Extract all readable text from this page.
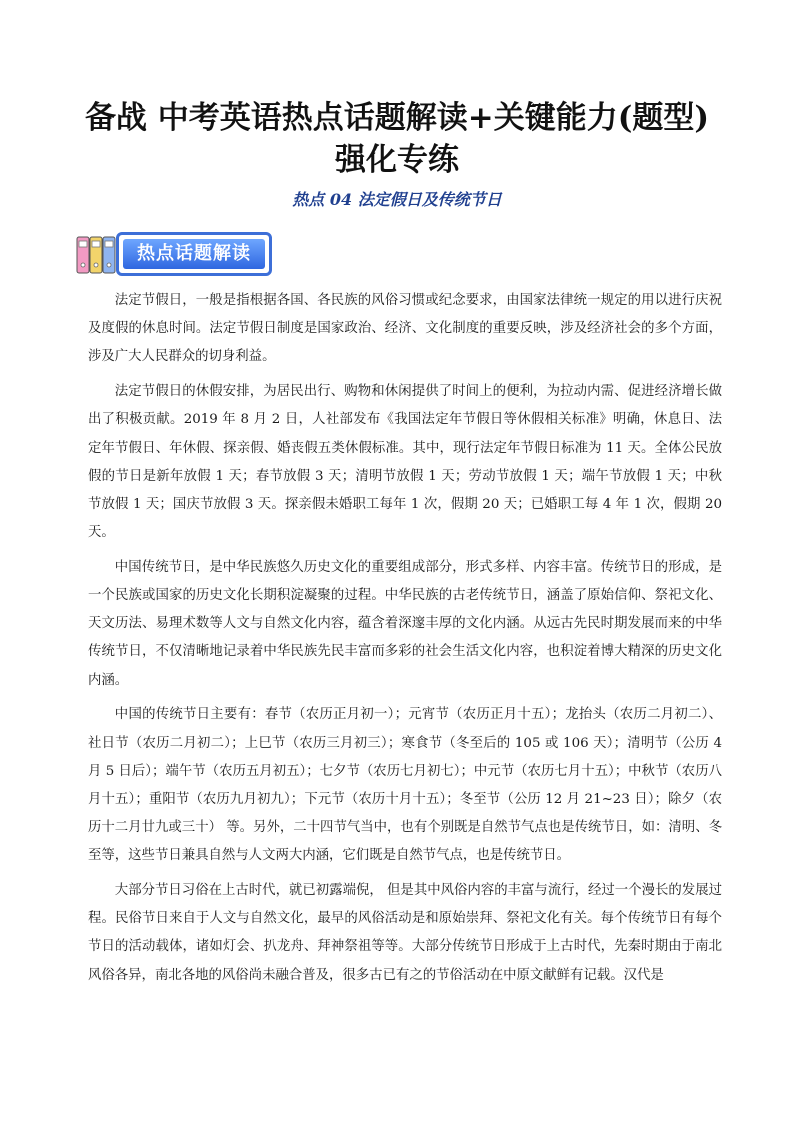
备战 中考英语热点话题解读+关键能力(题型)
强化专练
热点 04 法定假日及传统节日
热点话题解读

法定节假日，一般是指根据各国、各民族的风俗习惯或纪念要求，由国家法律统一规定的用以进行庆祝及度假的休息时间。法定节假日制度是国家政治、经济、文化制度的重要反映，涉及经济社会的多个方面，涉及广大人民群众的切身利益。

法定节假日的休假安排，为居民出行、购物和休闲提供了时间上的便利，为拉动内需、促进经济增长做出了积极贡献。2019 年 8 月 2 日，人社部发布《我国法定年节假日等休假相关标准》明确，休息日、法定年节假日、年休假、探亲假、婚丧假五类休假标准。其中，现行法定年节假日标准为 11 天。全体公民放假的节日是新年放假 1 天；春节放假 3 天；清明节放假 1 天；劳动节放假 1 天；端午节放假 1 天；中秋节放假 1 天；国庆节放假 3 天。探亲假未婚职工每年 1 次，假期 20 天；已婚职工每 4 年 1 次，假期 20 天。

中国传统节日，是中华民族悠久历史文化的重要组成部分，形式多样、内容丰富。传统节日的形成，是一个民族或国家的历史文化长期积淀凝聚的过程。中华民族的古老传统节日，涵盖了原始信仰、祭祀文化、天文历法、易理术数等人文与自然文化内容，蕴含着深邃丰厚的文化内涵。从远古先民时期发展而来的中华传统节日，不仅清晰地记录着中华民族先民丰富而多彩的社会生活文化内容，也积淀着博大精深的历史文化内涵。

中国的传统节日主要有：春节（农历正月初一）；元宵节（农历正月十五）；龙抬头（农历二月初二）、社日节（农历二月初二）；上巳节（农历三月初三）；寒食节（冬至后的 105 或 106 天）；清明节（公历 4 月 5 日后）；端午节（农历五月初五）；七夕节（农历七月初七）；中元节（农历七月十五）；中秋节（农历八月十五）；重阳节（农历九月初九）；下元节（农历十月十五）；冬至节（公历 12 月 21~23 日）；除夕（农历十二月廿九或三十） 等。另外，二十四节气当中，也有个别既是自然节气点也是传统节日，如：清明、冬至等，这些节日兼具自然与人文两大内涵，它们既是自然节气点，也是传统节日。

大部分节日习俗在上古时代，就已初露端倪， 但是其中风俗内容的丰富与流行，经过一个漫长的发展过程。民俗节日来自于人文与自然文化，最早的风俗活动是和原始崇拜、祭祀文化有关。每个传统节日有每个节日的活动载体，诸如灯会、扒龙舟、拜神祭祖等等。大部分传统节日形成于上古时代，先秦时期由于南北风俗各异，南北各地的风俗尚未融合普及，很多古已有之的节俗活动在中原文献鲜有记载。汉代是
